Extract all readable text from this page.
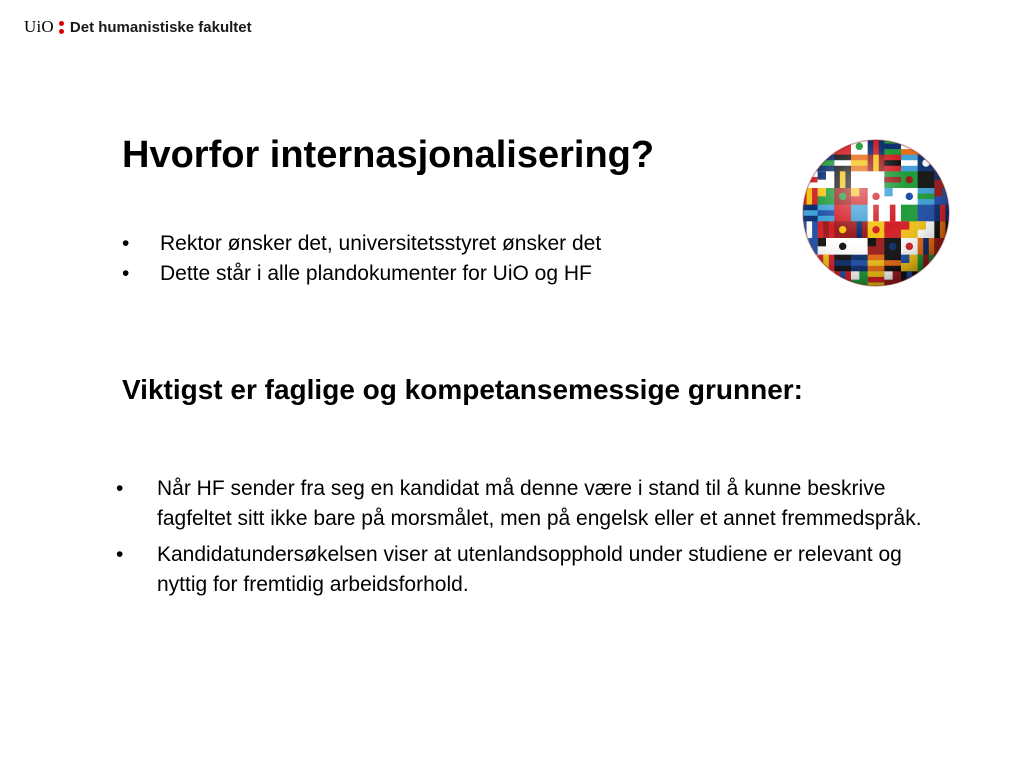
UiO Det humanistiske fakultet
Hvorfor internasjonalisering?
• Rektor ønsker det, universitetsstyret ønsker det
• Dette står i alle plandokumenter for UiO og HF
Viktigst er faglige og kompetansemessige grunner:
• Når HF sender fra seg en kandidat må denne være i stand til å kunne beskrive fagfeltet sitt ikke bare på morsmålet, men på engelsk eller et annet fremmedspråk.
• Kandidatundersøkelsen viser at utenlandsopphold under studiene er relevant og nyttig for fremtidig arbeidsforhold.
